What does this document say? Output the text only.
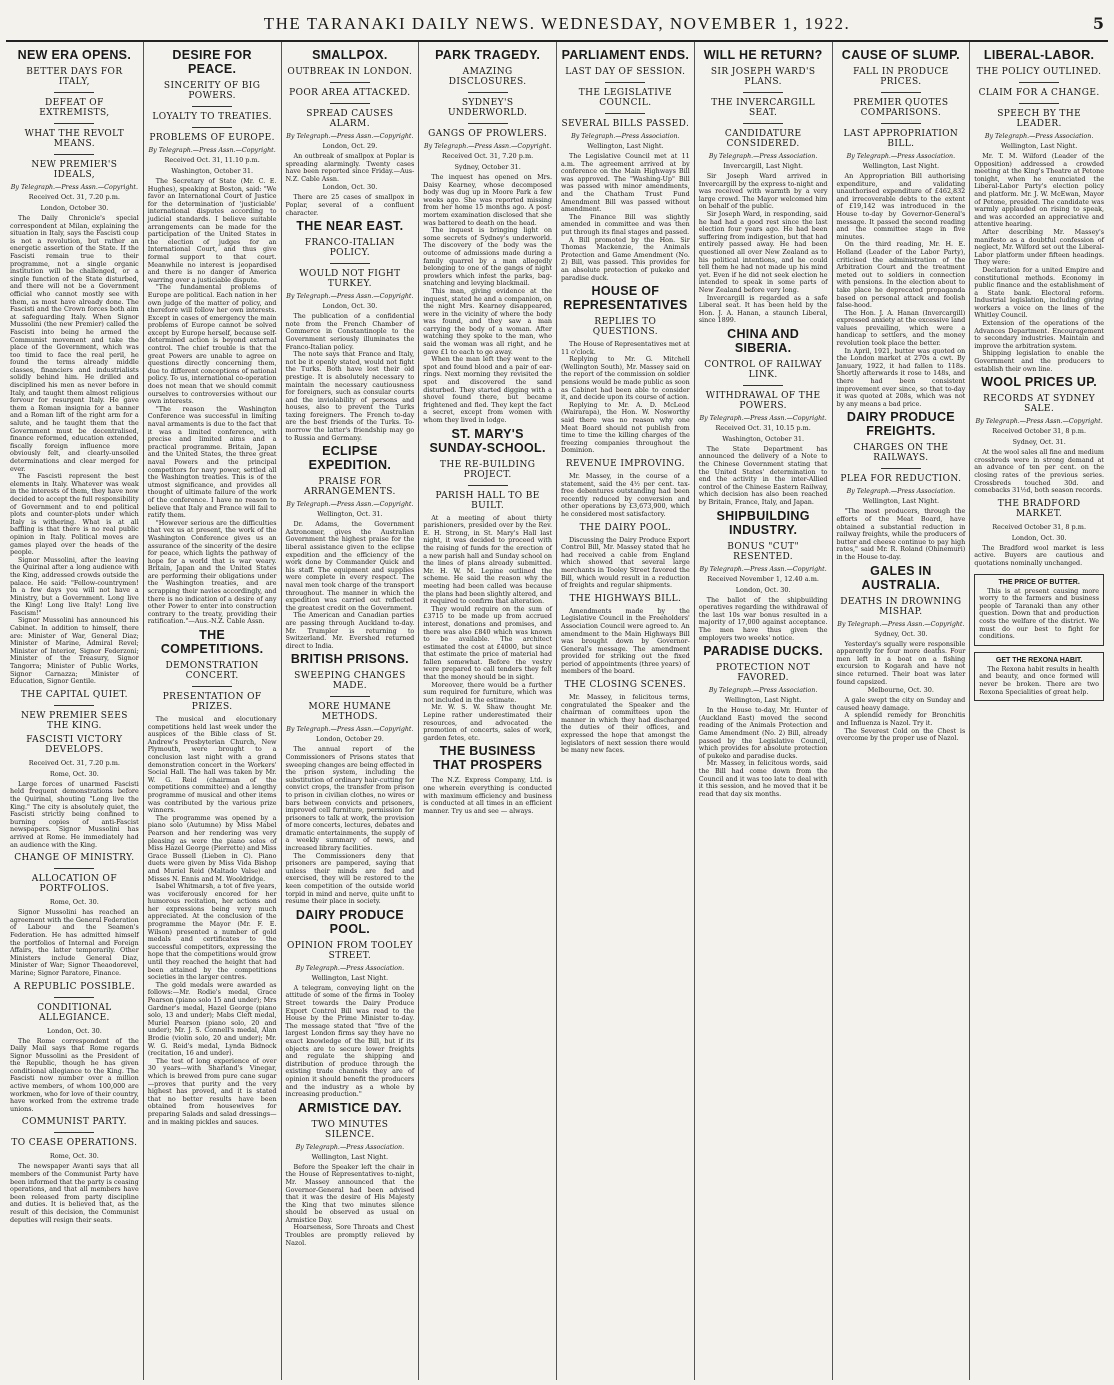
THE TARANAKI DAILY NEWS. WEDNESDAY, NOVEMBER 1, 1922.	5
NEW ERA OPENS.
BETTER DAYS FOR ITALY,
DEFEAT OF EXTREMISTS,
WHAT THE REVOLT MEANS.
NEW PREMIER'S IDEALS,
By Telegraph.—Press Assn.—Copyright.
Received Oct. 31, 7.20 p.m.
London, October 30.
The Daily Chronicle's special correspondent at Milan, explaining the situation in Italy, says the Fascisti coup is not a revolution, but rather an energetic assertion of the State. If the Fascisti remain true to their programme, not a single organic institution will be challenged, or a single function of the State disturbed, and there will not be a Government official who cannot mostly see with them, as most have already done. The Fascisti and the Crown forces both aim at safeguarding Italy. When Signor Mussolini (the new Premier) called the Fascisti into being he armed the Communist movement and take the place of the Government, which was too timid to face the real peril, he found the terms already middle classes, financiers and industrialists solidly behind him. He drilled and disciplined his men as never before in Italy, and taught them almost religious fervour for resurgent Italy. He gave them a Roman insignia for a banner and a Roman lift of the right arm for a salute, and he taught them that the Government must be decentralised, finance reformed, education extended, fiscally foreign influence more obviously felt, and clearly-unsoiled determinations and clear merged for ever.
The Fascisti represent the best elements in Italy. Whatever was weak in the interests of them, they have now decided to accept the full responsibility of Government and to end political plots and counter-plots under which Italy is withering. What is at all baffling is that there is no real public opinion in Italy. Political moves are games played over the heads of the people.
Signor Mussolini, after the leaving the Quirinal after a long audience with the King, addressed crowds outside the palace. He said: "Fellow-countrymen! In a few days you will not have a Ministry, but a Government. Long live the King! Long live Italy! Long live Fascism!"
Signor Mussolini has announced his Cabinet. In addition to himself, there are: Minister of War, General Diaz; Minister of Marine, Admiral Revel; Minister of Interior, Signor Federzoni; Minister of the Treasury, Signor Tangorra; Minister of Public Works, Signor Carnazza; Minister of Education, Signor Gentile.
THE CAPITAL QUIET.
NEW PREMIER SEES THE KING.
FASCISTI VICTORY DEVELOPS.
Received Oct. 31, 7.20 p.m.
Rome, Oct. 30.
Large forces of unarmed Fascisti held frequent demonstrations before the Quirinal, shouting "Long live the King." The city is absolutely quiet, the Fascisti strictly being confined to burning copies of anti-Fascist newspapers. Signor Mussolini has arrived at Rome. He immediately had an audience with the King.
CHANGE OF MINISTRY.
ALLOCATION OF PORTFOLIOS.
Rome, Oct. 30.
Signor Mussolini has reached an agreement with the General Federation of Labour and the Seamen's Federation. He has admitted himself the portfolios of Internal and Foreign Affairs, the latter temporarily. Other Ministers include General Diaz, Minister of War; Signor Theaodorevel, Marine; Signor Paratore, Finance.
A REPUBLIC POSSIBLE.
CONDITIONAL ALLEGIANCE.
London, Oct. 30.
The Rome correspondent of the Daily Mail says that Rome regards Signor Mussolini as the President of the Republic, though he has given conditional allegiance to the King. The Fascisti now number over a million active members, of whom 100,000 are workmen, who for love of their country, have worked from the extreme trade unions.
COMMUNIST PARTY.
TO CEASE OPERATIONS.
Rome, Oct. 30.
The newspaper Avanti says that all members of the Communist Party have been informed that the party is ceasing operations, and that all members have been released from party discipline and duties. It is believed that, as the result of this decision, the Communist deputies will resign their seats.
DESIRE FOR PEACE.
SINCERITY OF BIG POWERS.
LOYALTY TO TREATIES.
PROBLEMS OF EUROPE.
By Telegraph.—Press Assn.—Copyright.
Received Oct. 31, 11.10 p.m.
Washington, October 31.
The Secretary of State (Mr. C. E. Hughes), speaking at Boston, said: "We favor an International Court of Justice for the determination of 'justiciable' international disputes according to judicial standards. I believe suitable arrangements can be made for the participation of the United States in the election of judges for an International Court, and thus give formal support to that court. Meanwhile no interest is jeopardised and there is no danger of America warring over a justiciable dispute.
"The fundamental problems of Europe are political. Each nation in her own judge of the matter of policy, and therefore will follow her own interests. Except in cases of emergency the main problems of Europe cannot be solved except by Europe herself, because self-determined action is beyond external control. The chief trouble is that the great Powers are unable to agree on questions directly concerning them, due to different conceptions of national policy. To us, international co-operation does not mean that we should commit ourselves to controversies without our own interests.
"The reason the Washington Conference was successful in limiting naval armaments is due to the fact that it was a limited conference, with precise and limited aims and a practical programme. Britain, Japan and the United States, the three great naval Powers and the principal competitors for navy power, settled all the Washington treaties. This is of the utmost significance, and provides all thought of ultimate failure of the work of the conference. I have no reason to believe that Italy and France will fail to ratify them.
"However serious are the difficulties that vex us at present, the work of the Washington Conference gives us an assurance of the sincerity of the desire for peace, which lights the pathway of hope for a world that is war weary. Britain, Japan and the United States are performing their obligations under the Washington treaties, and are scrapping their navies accordingly, and there is no indication of a desire of any other Power to enter into construction contrary to the treaty, providing their ratification."—Aus.-N.Z. Cable Assn.
THE COMPETITIONS.
DEMONSTRATION CONCERT.
PRESENTATION OF PRIZES.
The musical and elocutionary competitions held last week under the auspices of the Bible class of St. Andrew's Presbyterian Church, New Plymouth, were brought to a conclusion last night with a grand demonstration concert in the Workers' Social Hall. The hall was taken by Mr. W. G. Reid (chairman of the competitions committee) and a lengthy programme of musical and other items was contributed by the various prize winners.
The programme was opened by a piano solo (Autumne) by Miss Mabel Pearson and her rendering was very pleasing as were the piano solos of Miss Hazel George (Pierrette) and Miss Grace Bussell (Lieben in C). Piano duets were given by Miss Vida Bishop and Muriel Reid (Maltado Valse) and Misses N. Ennis and M. Wooldridge.
Isabel Whitmarsh, a tot of five years, was vociferously encored for her humorous recitation, her actions and her expressions being very much appreciated. At the conclusion of the programme the Mayor (Mr. F. E. Wilson) presented a number of gold medals and certificates to the successful competitors, expressing the hope that the competitions would grow until they reached the height that had been attained by the competitions societies in the larger centres.
The gold medals were awarded as follows:—Mr. Rodie's medal, Grace Pearson (piano solo 15 and under); Mrs Gardner's medal, Hazel George (piano solo, 13 and under); Mabs Cleft medal, Muriel Pearson (piano solo, 20 and under); Mr. J. S. Connell's medal, Alan Brodie (violin solo, 20 and under); Mr. W. G. Reid's medal, Lynda Bidnock (recitation, 16 and under).
The test of long experience of over 30 years—with Sharland's Vinegar, which is brewed from pure cane sugar—proves that purity and the very highest has proved, and it is stated that no better results have been obtained from housewives for preparing Salads and salad dressings—and in making pickles and sauces.
SMALLPOX.
OUTBREAK IN LONDON.
POOR AREA ATTACKED.
SPREAD CAUSES ALARM.
By Telegraph.—Press Assn.—Copyright.
London, Oct. 29.
An outbreak of smallpox at Poplar is spreading alarmingly. Twenty cases have been reported since Friday.—Aus-N.Z. Cable Assn.
London, Oct. 30.
There are 25 cases of smallpox in Poplar, several of a confluent character.
THE NEAR EAST.
FRANCO-ITALIAN POLICY.
WOULD NOT FIGHT TURKEY.
By Telegraph.—Press Assn.—Copyright.
London, Oct. 30.
The publication of a confidential note from the French Chamber of Commerce in Constantinople to the Government seriously illuminates the Franco-Italian policy.
The note says that France and Italy, not be it openly stated, would not fight the Turks. Both have lost their old prestige. It is absolutely necessary to maintain the necessary cautiousness for foreigners, such as consular courts and the inviolability of persons and houses, also to prevent the Turks taxing foreigners. The French to-day are the best friends of the Turks. To-morrow the latter's friendship may go to Russia and Germany.
ECLIPSE EXPEDITION.
PRAISE FOR ARRANGEMENTS.
By Telegraph.—Press Assn.—Copyright.
Wellington, Oct. 31.
Dr. Adams, the Government Astronomer, gives the Australian Government the highest praise for the liberal assistance given to the eclipse expedition and the efficiency of the work done by Commander Quick and his staff. The equipment and supplies were complete in every respect. The naval men took charge of the transport throughout. The manner in which the expedition was carried out reflected the greatest credit on the Government.
The American and Canadian parties are passing through Auckland to-day. Mr. Trumpler is returning to Switzerland. Mr. Evershed returned direct to India.
BRITISH PRISONS.
SWEEPING CHANGES MADE.
MORE HUMANE METHODS.
By Telegraph.—Press Assn.—Copyright.
London, October 29.
The annual report of the Commissioners of Prisons states that sweeping changes are being effected in the prison system, including the substitution of ordinary hair-cutting for convict crops, the transfer from prison to prison in civilian clothes, no wires or bars between convicts and prisoners, improved cell furniture, permission for prisoners to talk at work, the provision of more concerts, lectures, debates and dramatic entertainments, the supply of a weekly summary of news, and increased library facilities.
The Commissioners deny that prisoners are pampered, saying that unless their minds are fed and exercised, they will be restored to the keen competition of the outside world torpid in mind and nerve, quite unfit to resume their place in society.
DAIRY PRODUCE POOL.
OPINION FROM TOOLEY STREET.
By Telegraph.—Press Association.
Wellington, Last Night.
A telegram, conveying light on the attitude of some of the firms in Tooley Street towards the Dairy Produce Export Control Bill was read to the House by the Prime Minister to-day. The message stated that "five of the largest London firms say they have no exact knowledge of the Bill, but if its objects are to secure lower freights and regulate the shipping and distribution of produce through the existing trade channels they are of opinion it should benefit the producers and the industry as a whole by increasing production."
ARMISTICE DAY.
TWO MINUTES SILENCE.
By Telegraph.—Press Association.
Wellington, Last Night.
Before the Speaker left the chair in the House of Representatives to-night, Mr. Massey announced that the Governor-General had been advised that it was the desire of His Majesty the King that two minutes silence should be observed as usual on Armistice Day.
Hoarseness, Sore Throats and Chest Troubles are promptly relieved by Nazol.
PARK TRAGEDY.
AMAZING DISCLOSURES.
SYDNEY'S UNDERWORLD.
GANGS OF PROWLERS.
By Telegraph.—Press Assn.—Copyright.
Received Oct. 31, 7.20 p.m.
Sydney, October 31.
The inquest has opened on Mrs. Daisy Kearney, whose decomposed body was dug up in Moore Park a few weeks ago. She was reported missing from her home 15 months ago. A post-mortem examination disclosed that she was battered to death on the head.
The inquest is bringing light on some secrets of Sydney's underworld. The discovery of the body was the outcome of admissions made during a family quarrel by a man allegedly belonging to one of the gangs of night prowlers which infest the parks, bag-snatching and levying blackmail.
This man, giving evidence at the inquest, stated he and a companion, on the night Mrs. Kearney disappeared, were in the vicinity of where the body was found, and they saw a man carrying the body of a woman. After watching they spoke to the man, who said the woman was all right, and he gave £1 to each to go away.
When the man left they went to the spot and found blood and a pair of ear-rings. Next morning they revisited the spot and discovered the sand disturbed. They started digging with a shovel found there, but became frightened and fled. They kept the fact a secret, except from women with whom they lived in lodge.
ST. MARY'S SUNDAY-SCHOOL.
THE RE-BUILDING PROJECT.
PARISH HALL TO BE BUILT.
At a meeting of about thirty parishioners, presided over by the Rev. E. H. Strong, in St. Mary's Hall last night, it was decided to proceed with the raising of funds for the erection of a new parish hall and Sunday school on the lines of plans already submitted. Mr. H. W. M. Lepine outlined the scheme. He said the reason why the meeting had been called was because the plans had been slightly altered, and it required to confirm that alteration.
They would require on the sum of £3715 to be made up from accrued interest, donations and promises, and there was also £840 which was known to be available. The architect estimated the cost at £4000, but since that estimate the price of material had fallen somewhat. Before the vestry were prepared to call tenders they felt that the money should be in sight.
Moreover, there would be a further sum required for furniture, which was not included in the estimate.
Mr. W. S. W. Shaw thought Mr. Lepine rather underestimated their resources, and advocated the promotion of concerts, sales of work, garden fetes, etc.
THE BUSINESS THAT PROSPERS
The N.Z. Express Company, Ltd. is one wherein everything is conducted with maximum efficiency and business is conducted at all times in an efficient manner. Try us and see — always.
PARLIAMENT ENDS.
LAST DAY OF SESSION.
THE LEGISLATIVE COUNCIL.
SEVERAL BILLS PASSED.
By Telegraph.—Press Association.
Wellington, Last Night.
The Legislative Council met at 11 a.m. The agreement arrived at by conference on the Main Highways Bill was approved. The "Washing-Up" Bill was passed with minor amendments, and the Chatham Trust Fund Amendment Bill was passed without amendment.
The Finance Bill was slightly amended in committee and was then put through its final stages and passed.
A Bill promoted by the Hon. Sir Thomas Mackenzie, the Animals Protection and Game Amendment (No. 2) Bill, was passed. This provides for an absolute protection of pukeko and paradise duck.
HOUSE OF REPRESENTATIVES
REPLIES TO QUESTIONS.
The House of Representatives met at 11 o'clock.
Replying to Mr. G. Mitchell (Wellington South), Mr. Massey said on the report of the commission on soldier pensions would be made public as soon as Cabinet had been able to consider it, and decide upon its course of action.
Replying to Mr. A. D. McLeod (Wairarapa), the Hon. W. Nosworthy said there was no reason why one Meat Board should not publish from time to time the killing charges of the freezing companies throughout the Dominion.
REVENUE IMPROVING.
Mr. Massey, in the course of a statement, said the 4½ per cent. tax-free debentures outstanding had been recently reduced by conversion and other operations by £3,673,900, which he considered most satisfactory.
THE DAIRY POOL.
Discussing the Dairy Produce Export Control Bill, Mr. Massey stated that he had received a cable from England which showed that several large merchants in Tooley Street favored the Bill, which would result in a reduction of freights and regular shipments.
THE HIGHWAYS BILL.
Amendments made by the Legislative Council in the Freeholders' Association Council were agreed to. An amendment to the Main Highways Bill was brought down by Governor-General's message. The amendment provided for striking out the fixed period of appointments (three years) of members of the board.
THE CLOSING SCENES.
Mr. Massey, in felicitous terms, congratulated the Speaker and the chairman of committees upon the manner in which they had discharged the duties of their offices, and expressed the hope that amongst the legislators of next session there would be many new faces.
WILL HE RETURN?
SIR JOSEPH WARD'S PLANS.
THE INVERCARGILL SEAT.
CANDIDATURE CONSIDERED.
By Telegraph.—Press Association.
Invercargill, Last Night.
Sir Joseph Ward arrived in Invercargill by the express to-night and was received with warmth by a very large crowd. The Mayor welcomed him on behalf of the public.
Sir Joseph Ward, in responding, said he had had a good rest since the last election four years ago. He had been suffering from indigestion, but that had entirely passed away. He had been questioned all over New Zealand as to his political intentions, and he could tell them he had not made up his mind yet. Even if he did not seek election he intended to speak in some parts of New Zealand before very long.
Invercargill is regarded as a safe Liberal seat. It has been held by the Hon. J. A. Hanan, a staunch Liberal, since 1899.
CHINA AND SIBERIA.
CONTROL OF RAILWAY LINK.
WITHDRAWAL OF THE POWERS.
By Telegraph.—Press Assn.—Copyright.
Received Oct. 31, 10.15 p.m.
Washington, October 31.
The State Department has announced the delivery of a Note to the Chinese Government stating that the United States' determination to end the activity in the inter-Allied control of the Chinese Eastern Railway, which decision has also been reached by Britain, France, Italy, and Japan.
SHIPBUILDING INDUSTRY.
BONUS "CUT" RESENTED.
By Telegraph.—Press Assn.—Copyright.
Received November 1, 12.40 a.m.
London, Oct. 30.
The ballot of the shipbuilding operatives regarding the withdrawal of the last 10s war bonus resulted in a majority of 17,000 against acceptance. The men have thus given the employers two weeks' notice.
PARADISE DUCKS.
PROTECTION NOT FAVORED.
By Telegraph.—Press Association.
Wellington, Last Night.
In the House to-day, Mr. Hunter of (Auckland East) moved the second reading of the Animals Protection and Game Amendment (No. 2) Bill, already passed by the Legislative Council, which provides for absolute protection of pukeko and paradise ducks.
Mr. Massey, in felicitous words, said the Bill had come down from the Council and it was too late to deal with it this session, and he moved that it be read that day six months.
CAUSE OF SLUMP.
FALL IN PRODUCE PRICES.
PREMIER QUOTES COMPARISONS.
LAST APPROPRIATION BILL.
By Telegraph.—Press Association.
Wellington, Last Night.
An Appropriation Bill authorising expenditure, and validating unauthorised expenditure of £462,832 and irrecoverable debts to the extent of £19,142 was introduced in the House to-day by Governor-General's message. It passed the second reading and the committee stage in five minutes.
On the third reading, Mr. H. E. Holland (Leader of the Labor Party), criticised the administration of the Arbitration Court and the treatment meted out to soldiers in connection with pensions. In the election about to take place he deprecated propaganda based on personal attack and foolish false-hood.
The Hon. J. A. Hanan (Invercargill) expressed anxiety at the excessive land values prevailing, which were a handicap to settlers, and the money revolution took place the better.
In April, 1921, butter was quoted on the London market at 270s a cwt. By January, 1922, it had fallen to 118s. Shortly afterwards it rose to 148s, and there had been consistent improvement ever since, so that to-day it was quoted at 208s, which was not by any means a bad price.
DAIRY PRODUCE FREIGHTS.
CHARGES ON THE RAILWAYS.
PLEA FOR REDUCTION.
By Telegraph.—Press Association.
Wellington, Last Night.
"The most producers, through the efforts of the Meat Board, have obtained a substantial reduction in railway freights, while the producers of butter and cheese continue to pay high rates," said Mr. R. Roland (Ohinemuri) in the House to-day.
GALES IN AUSTRALIA.
DEATHS IN DROWNING MISHAP.
By Telegraph.—Press Assn.—Copyright.
Sydney, Oct. 30.
Yesterday's squally were responsible apparently for four more deaths. Four men left in a boat on a fishing excursion to Kogarah and have not since returned. Their boat was later found capsized.
Melbourne, Oct. 30.
A gale swept the city on Sunday and caused heavy damage.
A splendid remedy for Bronchitis and Influenza is Nazol. Try it.
The Severest Cold on the Chest is overcome by the proper use of Nazol.
LIBERAL-LABOR.
THE POLICY OUTLINED.
CLAIM FOR A CHANGE.
SPEECH BY THE LEADER.
By Telegraph.—Press Association.
Wellington, Last Night.
Mr. T. M. Wilford (Leader of the Opposition) addressed a crowded meeting at the King's Theatre at Petone tonight, when he enunciated the Liberal-Labor Party's election policy and platform. Mr. J. W. McEwan, Mayor of Petone, presided. The candidate was warmly applauded on rising to speak, and was accorded an appreciative and attentive hearing.
After describing Mr. Massey's manifesto as a doubtful confession of neglect, Mr. Wilford set out the Liberal-Labor platform under fifteen headings. They were:
Declaration for a united Empire and constitutional methods. Economy in public finance and the establishment of a State bank. Electoral reform. Industrial legislation, including giving workers a voice on the lines of the Whitley Council.
Extension of the operations of the Advances Department. Encouragement to secondary industries. Maintain and improve the arbitration system.
Shipping legislation to enable the Government and the producers to establish their own line.
WOOL PRICES UP.
RECORDS AT SYDNEY SALE.
By Telegraph.—Press Assn.—Copyright.
Received October 31, 8 p.m.
Sydney, Oct. 31.
At the wool sales all fine and medium crossbreds were in strong demand at an advance of ten per cent. on the closing rates of the previous series. Crossbreds touched 30d. and comebacks 31½d, both season records.
THE BRADFORD MARKET.
Received October 31, 8 p.m.
London, Oct. 30.
The Bradford wool market is less active. Buyers are cautious and quotations nominally unchanged.
THE PRICE OF BUTTER.
This is at present causing more worry to the farmers and business people of Taranaki than any other question. Down that and production costs the welfare of the district. We must do our best to fight for conditions.
GET THE REXONA HABIT.
The Rexona habit results in health and beauty, and once formed will never be broken. There are two Rexona Specialities of great help.
